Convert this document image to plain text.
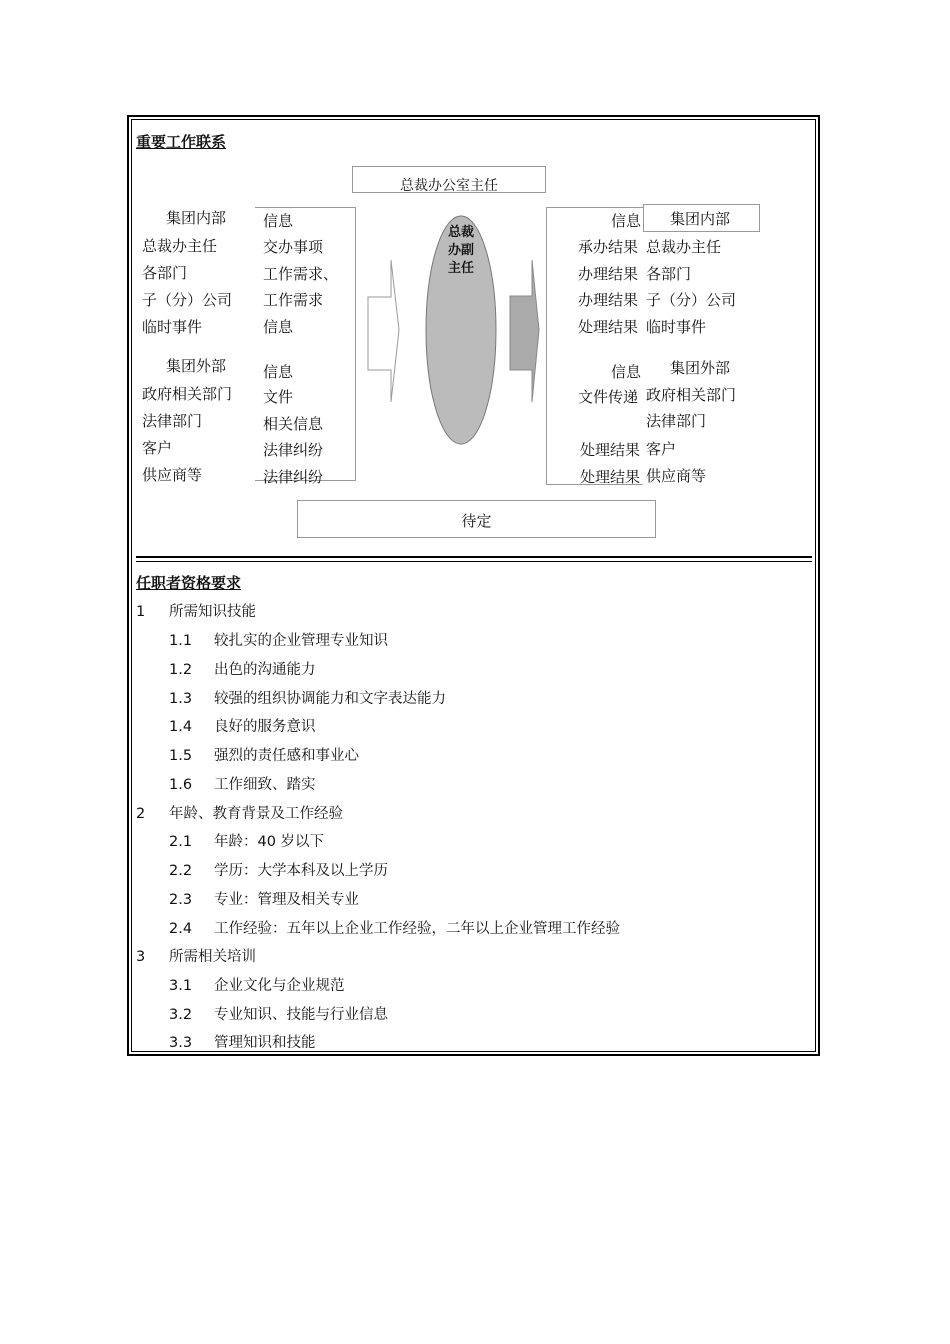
重要工作联系
总裁办公室主任
集团内部
总裁办主任
各部门
子（分）公司
临时事件
集团外部
政府相关部门
法律部门
客户
供应商等
信息
交办事项
工作需求、
工作需求
信息
信息
文件
相关信息
法律纠纷
法律纠纷
总裁办副主任
信息 集团内部
承办结果
办理结果
办理结果
处理结果
信息
文件传递
处理结果
处理结果
总裁办主任
各部门
子（分）公司
临时事件
集团外部
政府相关部门
法律部门
客户
供应商等
待定
任职者资格要求
1 所需知识技能
1.1 较扎实的企业管理专业知识
1.2 出色的沟通能力
1.3 较强的组织协调能力和文字表达能力
1.4 良好的服务意识
1.5 强烈的责任感和事业心
1.6 工作细致、踏实
2 年龄、教育背景及工作经验
2.1 年龄：40 岁以下
2.2 学历：大学本科及以上学历
2.3 专业：管理及相关专业
2.4 工作经验：五年以上企业工作经验，二年以上企业管理工作经验
3 所需相关培训
3.1 企业文化与企业规范
3.2 专业知识、技能与行业信息
3.3 管理知识和技能
